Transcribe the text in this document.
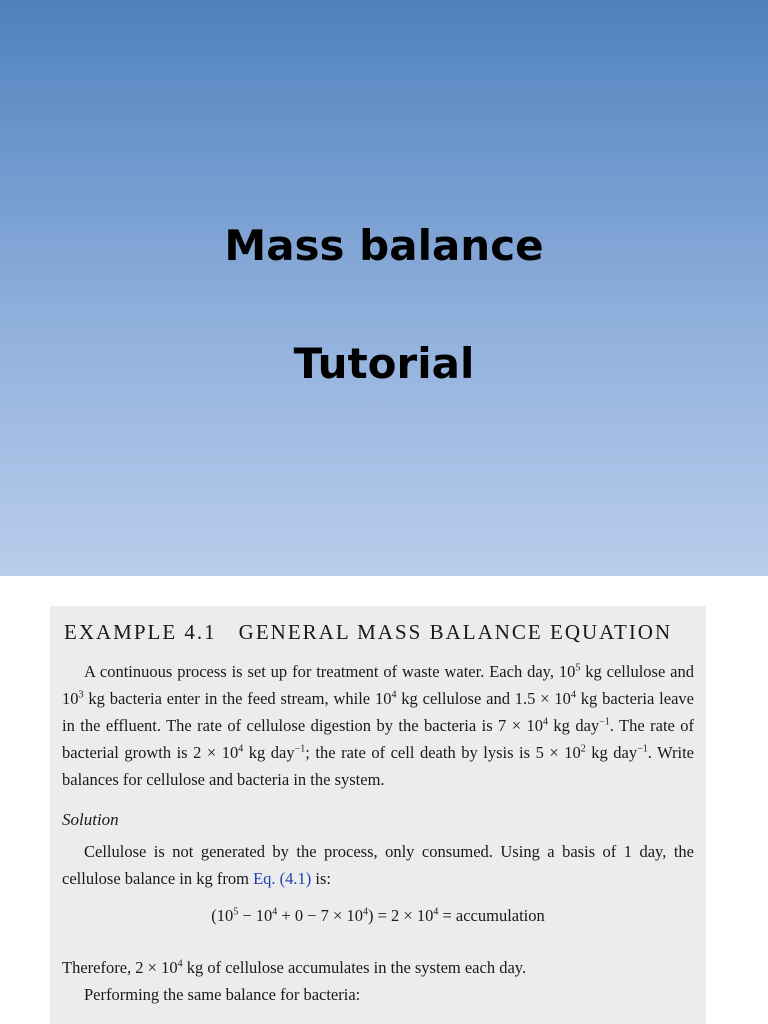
Mass balance
Tutorial
EXAMPLE 4.1 GENERAL MASS BALANCE EQUATION
A continuous process is set up for treatment of waste water. Each day, $10^5$ kg cellulose and $10^3$ kg bacteria enter in the feed stream, while $10^4$ kg cellulose and $1.5 \times 10^4$ kg bacteria leave in the effluent. The rate of cellulose digestion by the bacteria is $7 \times 10^4$ kg day$^{-1}$. The rate of bacterial growth is $2 \times 10^4$ kg day$^{-1}$; the rate of cell death by lysis is $5 \times 10^2$ kg day$^{-1}$. Write balances for cellulose and bacteria in the system.
Solution
Cellulose is not generated by the process, only consumed. Using a basis of 1 day, the cellulose balance in kg from Eq. (4.1) is:
$(10^5 - 10^4 + 0 - 7 \times 10^4) = 2 \times 10^4$ = accumulation
Therefore, $2 \times 10^4$ kg of cellulose accumulates in the system each day.
Performing the same balance for bacteria:
